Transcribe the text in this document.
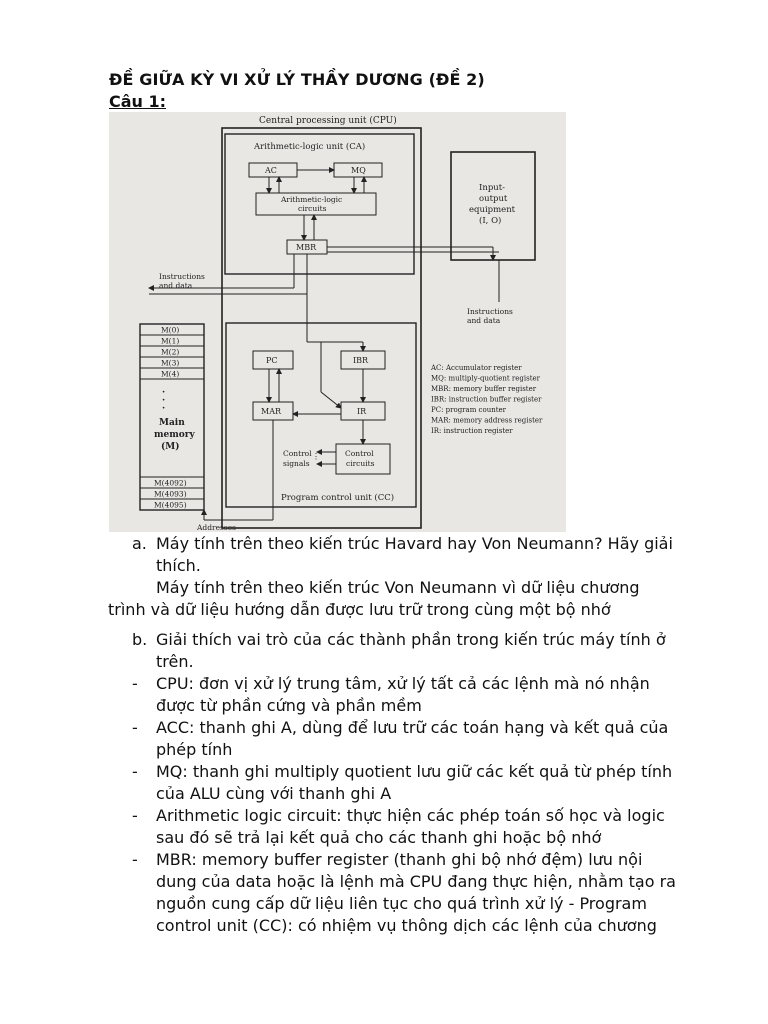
ĐỀ GIỮA KỲ VI XỬ LÝ THẦY DƯƠNG (ĐỀ 2)
Câu 1:
Central processing unit (CPU)
Arithmetic-logic unit (CA)
AC	MQ
Arithmetic-logic
circuits
MBR
Input-
output
equipment
(I, O)
Instructions
and data
Instructions
and data
M(0)
M(1)
M(2)
M(3)
M(4)
·
·
·
Main
memory
(M)
M(4092)
M(4093)
M(4095)
PC	IBR
MAR	IR
Addresses
Control
circuits
⋮
Control
signals
Program control unit (CC)
AC: Accumulator register
MQ: multiply-quotient register
MBR: memory buffer register
IBR: instruction buffer register
PC: program counter
MAR: memory address register
IR: instruction register
a. Máy tính trên theo kiến trúc Havard hay Von Neumann? Hãy giải
thích.
Máy tính trên theo kiến trúc Von Neumann vì dữ liệu chương
trình và dữ liệu hướng dẫn được lưu trữ trong cùng một bộ nhớ
b. Giải thích vai trò của các thành phần trong kiến trúc máy tính ở
trên.
- CPU: đơn vị xử lý trung tâm, xử lý tất cả các lệnh mà nó nhận
được từ phần cứng và phần mềm
- ACC: thanh ghi A, dùng để lưu trữ các toán hạng và kết quả của
phép tính
- MQ: thanh ghi multiply quotient lưu giữ các kết quả từ phép tính
của ALU cùng với thanh ghi A
- Arithmetic logic circuit: thực hiện các phép toán số học và logic
sau đó sẽ trả lại kết quả cho các thanh ghi hoặc bộ nhớ
- MBR: memory buffer register (thanh ghi bộ nhớ đệm) lưu nội
dung của data hoặc là lệnh mà CPU đang thực hiện, nhằm tạo ra
nguồn cung cấp dữ liệu liên tục cho quá trình xử lý - Program
control unit (CC): có nhiệm vụ thông dịch các lệnh của chương
